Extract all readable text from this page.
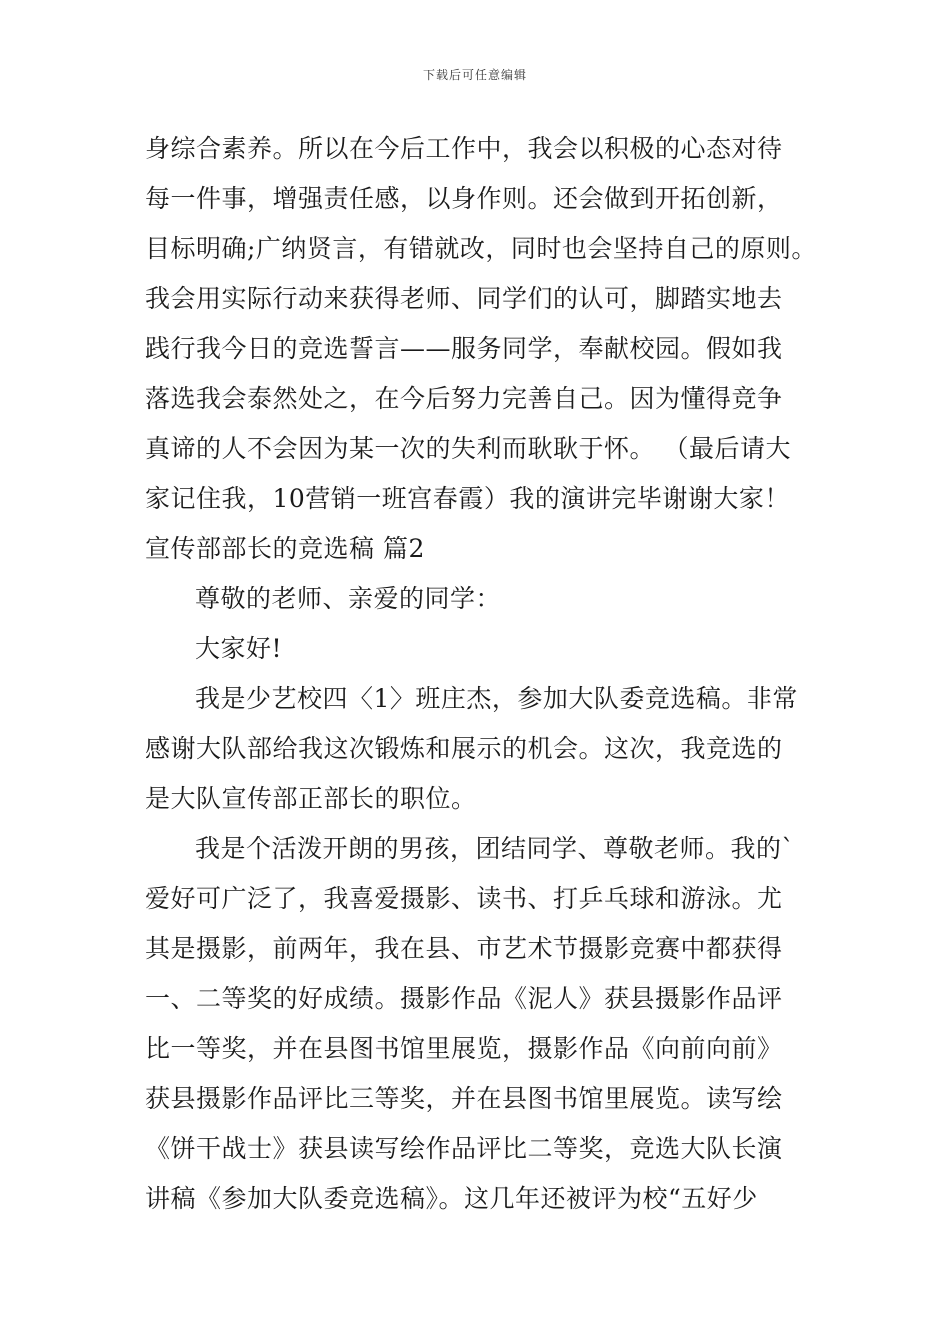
下载后可任意编辑
身综合素养。所以在今后工作中，我会以积极的心态对待
每一件事，增强责任感，以身作则。还会做到开拓创新，
目标明确;广纳贤言，有错就改，同时也会坚持自己的原则。
我会用实际行动来获得老师、同学们的认可，脚踏实地去
践行我今日的竞选誓言——服务同学，奉献校园。假如我
落选我会泰然处之，在今后努力完善自己。因为懂得竞争
真谛的人不会因为某一次的失利而耿耿于怀。 （最后请大
家记住我，10营销一班宫春霞）我的演讲完毕谢谢大家！
宣传部部长的竞选稿 篇2
尊敬的老师、亲爱的同学：
大家好!
我是少艺校四〈1〉班庄杰，参加大队委竞选稿。非常
感谢大队部给我这次锻炼和展示的机会。这次，我竞选的
是大队宣传部正部长的职位。
我是个活泼开朗的男孩，团结同学、尊敬老师。我的`
爱好可广泛了，我喜爱摄影、读书、打乒乓球和游泳。尤
其是摄影，前两年，我在县、市艺术节摄影竞赛中都获得
一、二等奖的好成绩。摄影作品《泥人》获县摄影作品评
比一等奖，并在县图书馆里展览，摄影作品《向前向前》
获县摄影作品评比三等奖，并在县图书馆里展览。读写绘
《饼干战士》获县读写绘作品评比二等奖，竞选大队长演
讲稿《参加大队委竞选稿》。这几年还被评为校“五好少
